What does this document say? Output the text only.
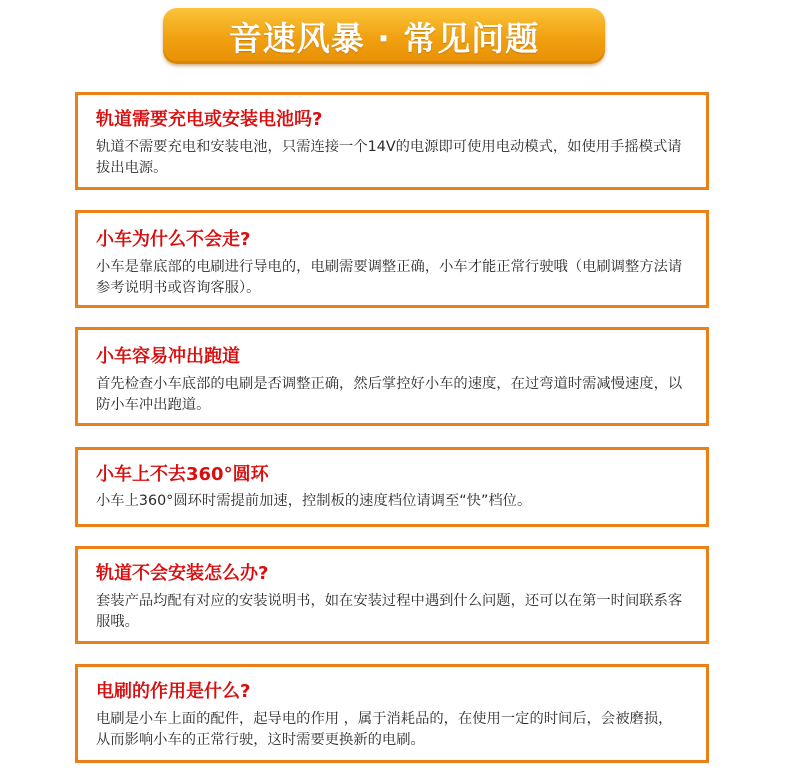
音速风暴 · 常见问题

轨道需要充电或安装电池吗?

轨道不需要充电和安装电池，只需连接一个14V的电源即可使用电动模式，如使用手摇模式请拔出电源。

小车为什么不会走?

小车是靠底部的电刷进行导电的，电刷需要调整正确，小车才能正常行驶哦（电刷调整方法请参考说明书或咨询客服）。

小车容易冲出跑道

首先检查小车底部的电刷是否调整正确，然后掌控好小车的速度，在过弯道时需减慢速度，以防小车冲出跑道。

小车上不去360°圆环

小车上360°圆环时需提前加速，控制板的速度档位请调至“快”档位。

轨道不会安装怎么办?

套装产品均配有对应的安装说明书，如在安装过程中遇到什么问题，还可以在第一时间联系客服哦。

电刷的作用是什么?

电刷是小车上面的配件，起导电的作用 ，属于消耗品的，在使用一定的时间后，会被磨损，从而影响小车的正常行驶，这时需要更换新的电刷。
